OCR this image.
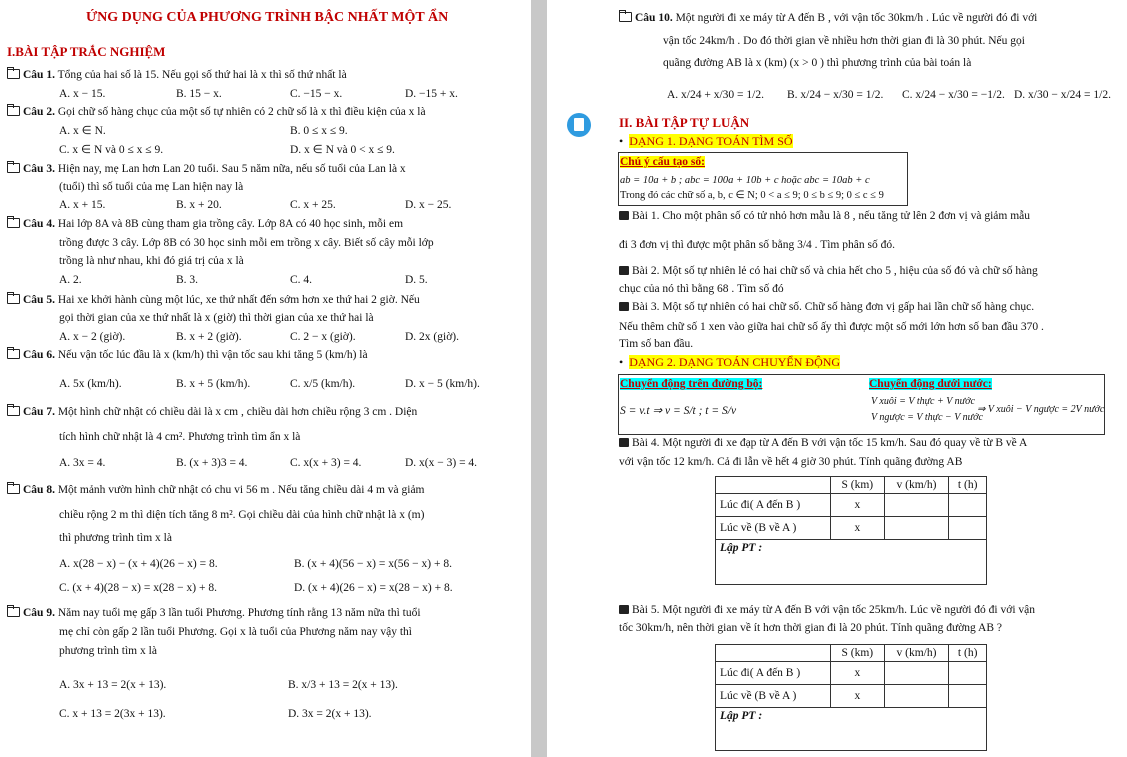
ỨNG DỤNG CỦA PHƯƠNG TRÌNH BẬC NHẤT MỘT ẨN
I.BÀI TẬP TRẮC NGHIỆM
Câu 1. Tổng của hai số là 15. Nếu gọi số thứ hai là x thì số thứ nhất là
A. x − 15.	B. 15 − x.	C. −15 − x.	D. −15 + x.
Câu 2. Gọi chữ số hàng chục của một số tự nhiên có 2 chữ số là x thì điều kiện của x là
A. x ∈ N.	B. 0 ≤ x ≤ 9.
C. x ∈ N và 0 ≤ x ≤ 9.	D. x ∈ N và 0 < x ≤ 9.
Câu 3. Hiện nay, mẹ Lan hơn Lan 20 tuổi. Sau 5 năm nữa, nếu số tuổi của Lan là x
(tuổi) thì số tuổi của mẹ Lan hiện nay là
A. x + 15.	B. x + 20.	C. x + 25.	D. x − 25.
Câu 4. Hai lớp 8A và 8B cùng tham gia trồng cây. Lớp 8A có 40 học sinh, mỗi em
trồng được 3 cây. Lớp 8B có 30 học sinh mỗi em trồng x cây. Biết số cây mỗi lớp
trồng là như nhau, khi đó giá trị của x là
A. 2.	B. 3.	C. 4.	D. 5.
Câu 5. Hai xe khởi hành cùng một lúc, xe thứ nhất đến sớm hơn xe thứ hai 2 giờ. Nếu
gọi thời gian của xe thứ nhất là x (giờ) thì thời gian của xe thứ hai là
A. x − 2 (giờ).	B. x + 2 (giờ).	C. 2 − x (giờ).	D. 2x (giờ).
Câu 6. Nếu vận tốc lúc đầu là x (km/h) thì vận tốc sau khi tăng 5 (km/h) là
A. 5x (km/h).	B. x + 5 (km/h).	C. x/5 (km/h).	D. x − 5 (km/h).
Câu 7. Một hình chữ nhật có chiều dài là x cm , chiều dài hơn chiều rộng 3 cm . Diện
tích hình chữ nhật là 4 cm². Phương trình tìm ẩn x là
A. 3x = 4.	B. (x + 3)3 = 4.	C. x(x + 3) = 4.	D. x(x − 3) = 4.
Câu 8. Một mảnh vườn hình chữ nhật có chu vi 56 m . Nếu tăng chiều dài 4 m và giảm
chiều rộng 2 m thì diện tích tăng 8 m². Gọi chiều dài của hình chữ nhật là x (m)
thì phương trình tìm x là
A. x(28 − x) − (x + 4)(26 − x) = 8.	B. (x + 4)(56 − x) = x(56 − x) + 8.
C. (x + 4)(28 − x) = x(28 − x) + 8.	D. (x + 4)(26 − x) = x(28 − x) + 8.
Câu 9. Năm nay tuổi mẹ gấp 3 lần tuổi Phương. Phương tính rằng 13 năm nữa thì tuổi
mẹ chỉ còn gấp 2 lần tuổi Phương. Gọi x là tuổi của Phương năm nay vậy thì
phương trình tìm x là
A. 3x + 13 = 2(x + 13).	B. x/3 + 13 = 2(x + 13).
C. x + 13 = 2(3x + 13).	D. 3x = 2(x + 13).
Câu 10. Một người đi xe máy từ A đến B , với vận tốc 30km/h . Lúc về người đó đi với
vận tốc 24km/h . Do đó thời gian về nhiều hơn thời gian đi là 30 phút. Nếu gọi
quãng đường AB là x (km) (x > 0 ) thì phương trình của bài toán là
A. x/24 + x/30 = 1/2. B. x/24 − x/30 = 1/2. C. x/24 − x/30 = −1/2. D. x/30 − x/24 = 1/2.
II. BÀI TẬP TỰ LUẬN
•  DẠNG 1. DẠNG TOÁN TÌM SỐ
Chú ý cấu tạo số:
ab = 10a + b ; abc = 100a + 10b + c hoặc abc = 10ab + c
Trong đó các chữ số a, b, c ∈ N; 0 < a ≤ 9; 0 ≤ b ≤ 9; 0 ≤ c ≤ 9
Bài 1. Cho một phân số có tử nhỏ hơn mẫu là 8 , nếu tăng tử lên 2 đơn vị và giảm mẫu
đi 3 đơn vị thì được một phân số bằng 3/4 . Tìm phân số đó.
Bài 2. Một số tự nhiên lẻ có hai chữ số và chia hết cho 5 , hiệu của số đó và chữ số hàng
chục của nó thì bằng 68 . Tìm số đó
Bài 3. Một số tự nhiên có hai chữ số. Chữ số hàng đơn vị gấp hai lần chữ số hàng chục.
Nếu thêm chữ số 1 xen vào giữa hai chữ số ấy thì được một số mới lớn hơn số ban đầu 370 .
Tìm số ban đầu.
•  DẠNG 2. DẠNG TOÁN CHUYỂN ĐỘNG
Chuyển động trên đường bộ:	Chuyển động dưới nước:
S = v.t ⇒ v = S/t ; t = S/v
V xuôi = V thực + V nước
V ngược = V thực − V nước
⇒ V xuôi − V ngược = 2V nước
Bài 4. Một người đi xe đạp từ A đến B với vận tốc 15 km/h. Sau đó quay về từ B về A
với vận tốc 12 km/h. Cả đi lẫn về hết 4 giờ 30 phút. Tính quãng đường AB
	S (km)	v (km/h)	t (h)
Lúc đi( A đến B )	x		
Lúc về (B về A )	x		
Lập PT :			
Bài 5. Một người đi xe máy từ A đến B với vận tốc 25km/h. Lúc về người đó đi với vận
tốc 30km/h, nên thời gian về ít hơn thời gian đi là 20 phút. Tính quãng đường AB ?
	S (km)	v (km/h)	t (h)
Lúc đi( A đến B )	x		
Lúc về (B về A )	x		
Lập PT :			
